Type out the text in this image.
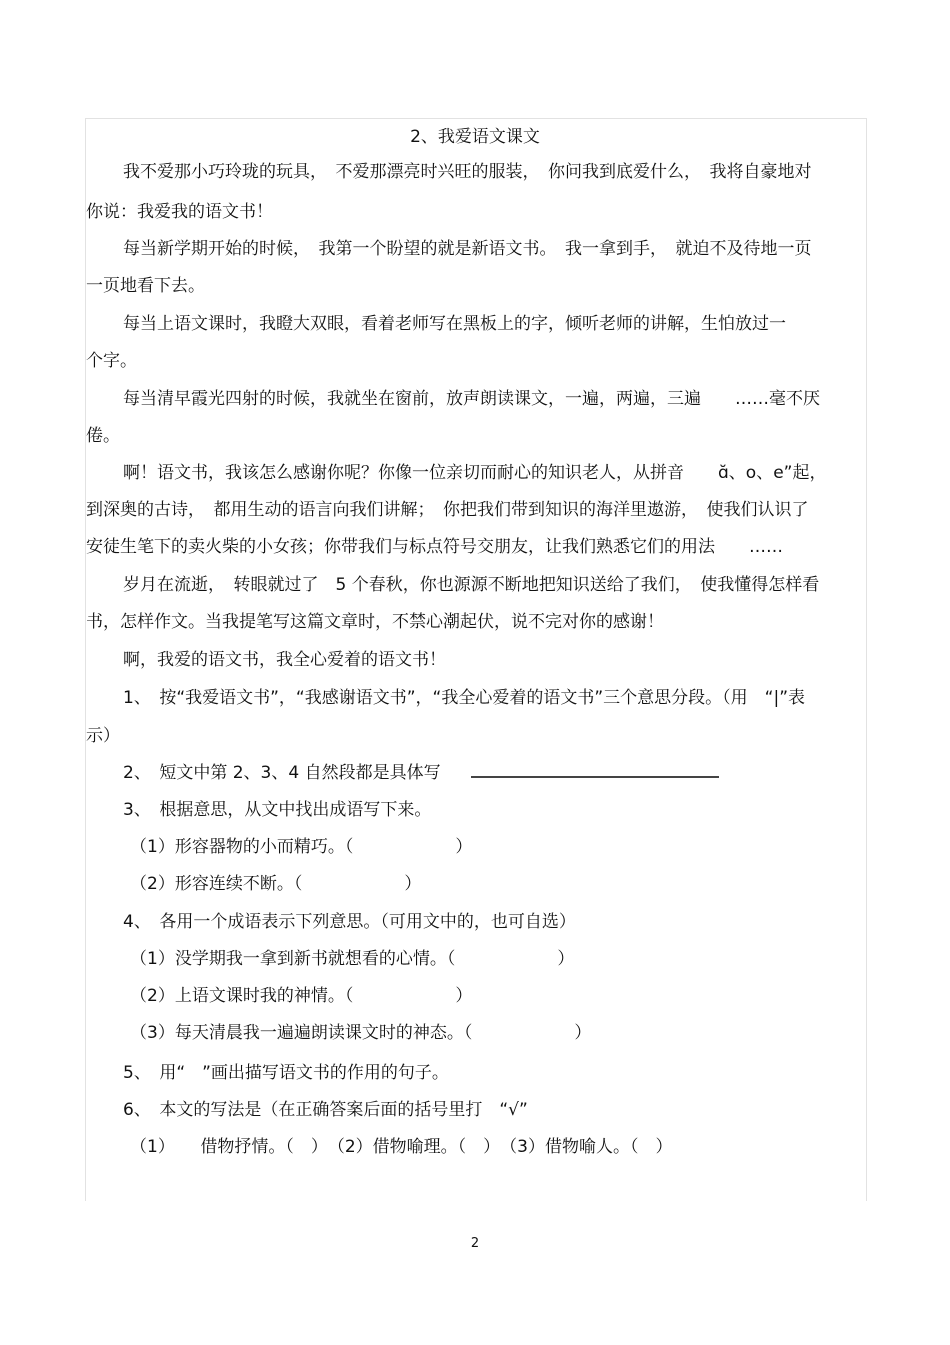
2、我爱语文课文
我不爱那小巧玲珑的玩具，　不爱那漂亮时兴旺的服装，　你问我到底爱什么，　我将自豪地对
你说：我爱我的语文书！
每当新学期开始的时候，　我第一个盼望的就是新语文书。　我一拿到手，　就迫不及待地一页
一页地看下去。
每当上语文课时，我瞪大双眼，看着老师写在黑板上的字，倾听老师的讲解，生怕放过一
个字。
每当清早霞光四射的时候，我就坐在窗前，放声朗读课文，一遍，两遍，三遍　　……毫不厌
倦。
啊！语文书，我该怎么感谢你呢？你像一位亲切而耐心的知识老人，从拼音　　ɑ̆、o、e”起，
到深奥的古诗，　都用生动的语言向我们讲解；　你把我们带到知识的海洋里遨游，　使我们认识了
安徒生笔下的卖火柴的小女孩；你带我们与标点符号交朋友，让我们熟悉它们的用法　　……
岁月在流逝，　转眼就过了　5 个春秋，你也源源不断地把知识送给了我们，　使我懂得怎样看
书，怎样作文。当我提笔写这篇文章时，不禁心潮起伏，说不完对你的感谢！
啊，我爱的语文书，我全心爱着的语文书！
1、　按“我爱语文书”，“我感谢语文书”，“我全心爱着的语文书”三个意思分段。（用　“|”表
示）
2、　短文中第 2、3、4 自然段都是具体写
3、　根据意思，从文中找出成语写下来。
（1）形容器物的小而精巧。（　　　　　　）
（2）形容连续不断。（　　　　　　）
4、　各用一个成语表示下列意思。（可用文中的，也可自选）
（1）没学期我一拿到新书就想看的心情。（　　　　　　）
（2）上语文课时我的神情。（　　　　　　）
（3）每天清晨我一遍遍朗读课文时的神态。（　　　　　　）
5、　用“　”画出描写语文书的作用的句子。
6、　本文的写法是（在正确答案后面的括号里打　“√”
（1）　　借物抒情。（　）　（2）借物喻理。（　）　（3）借物喻人。（　）
2
